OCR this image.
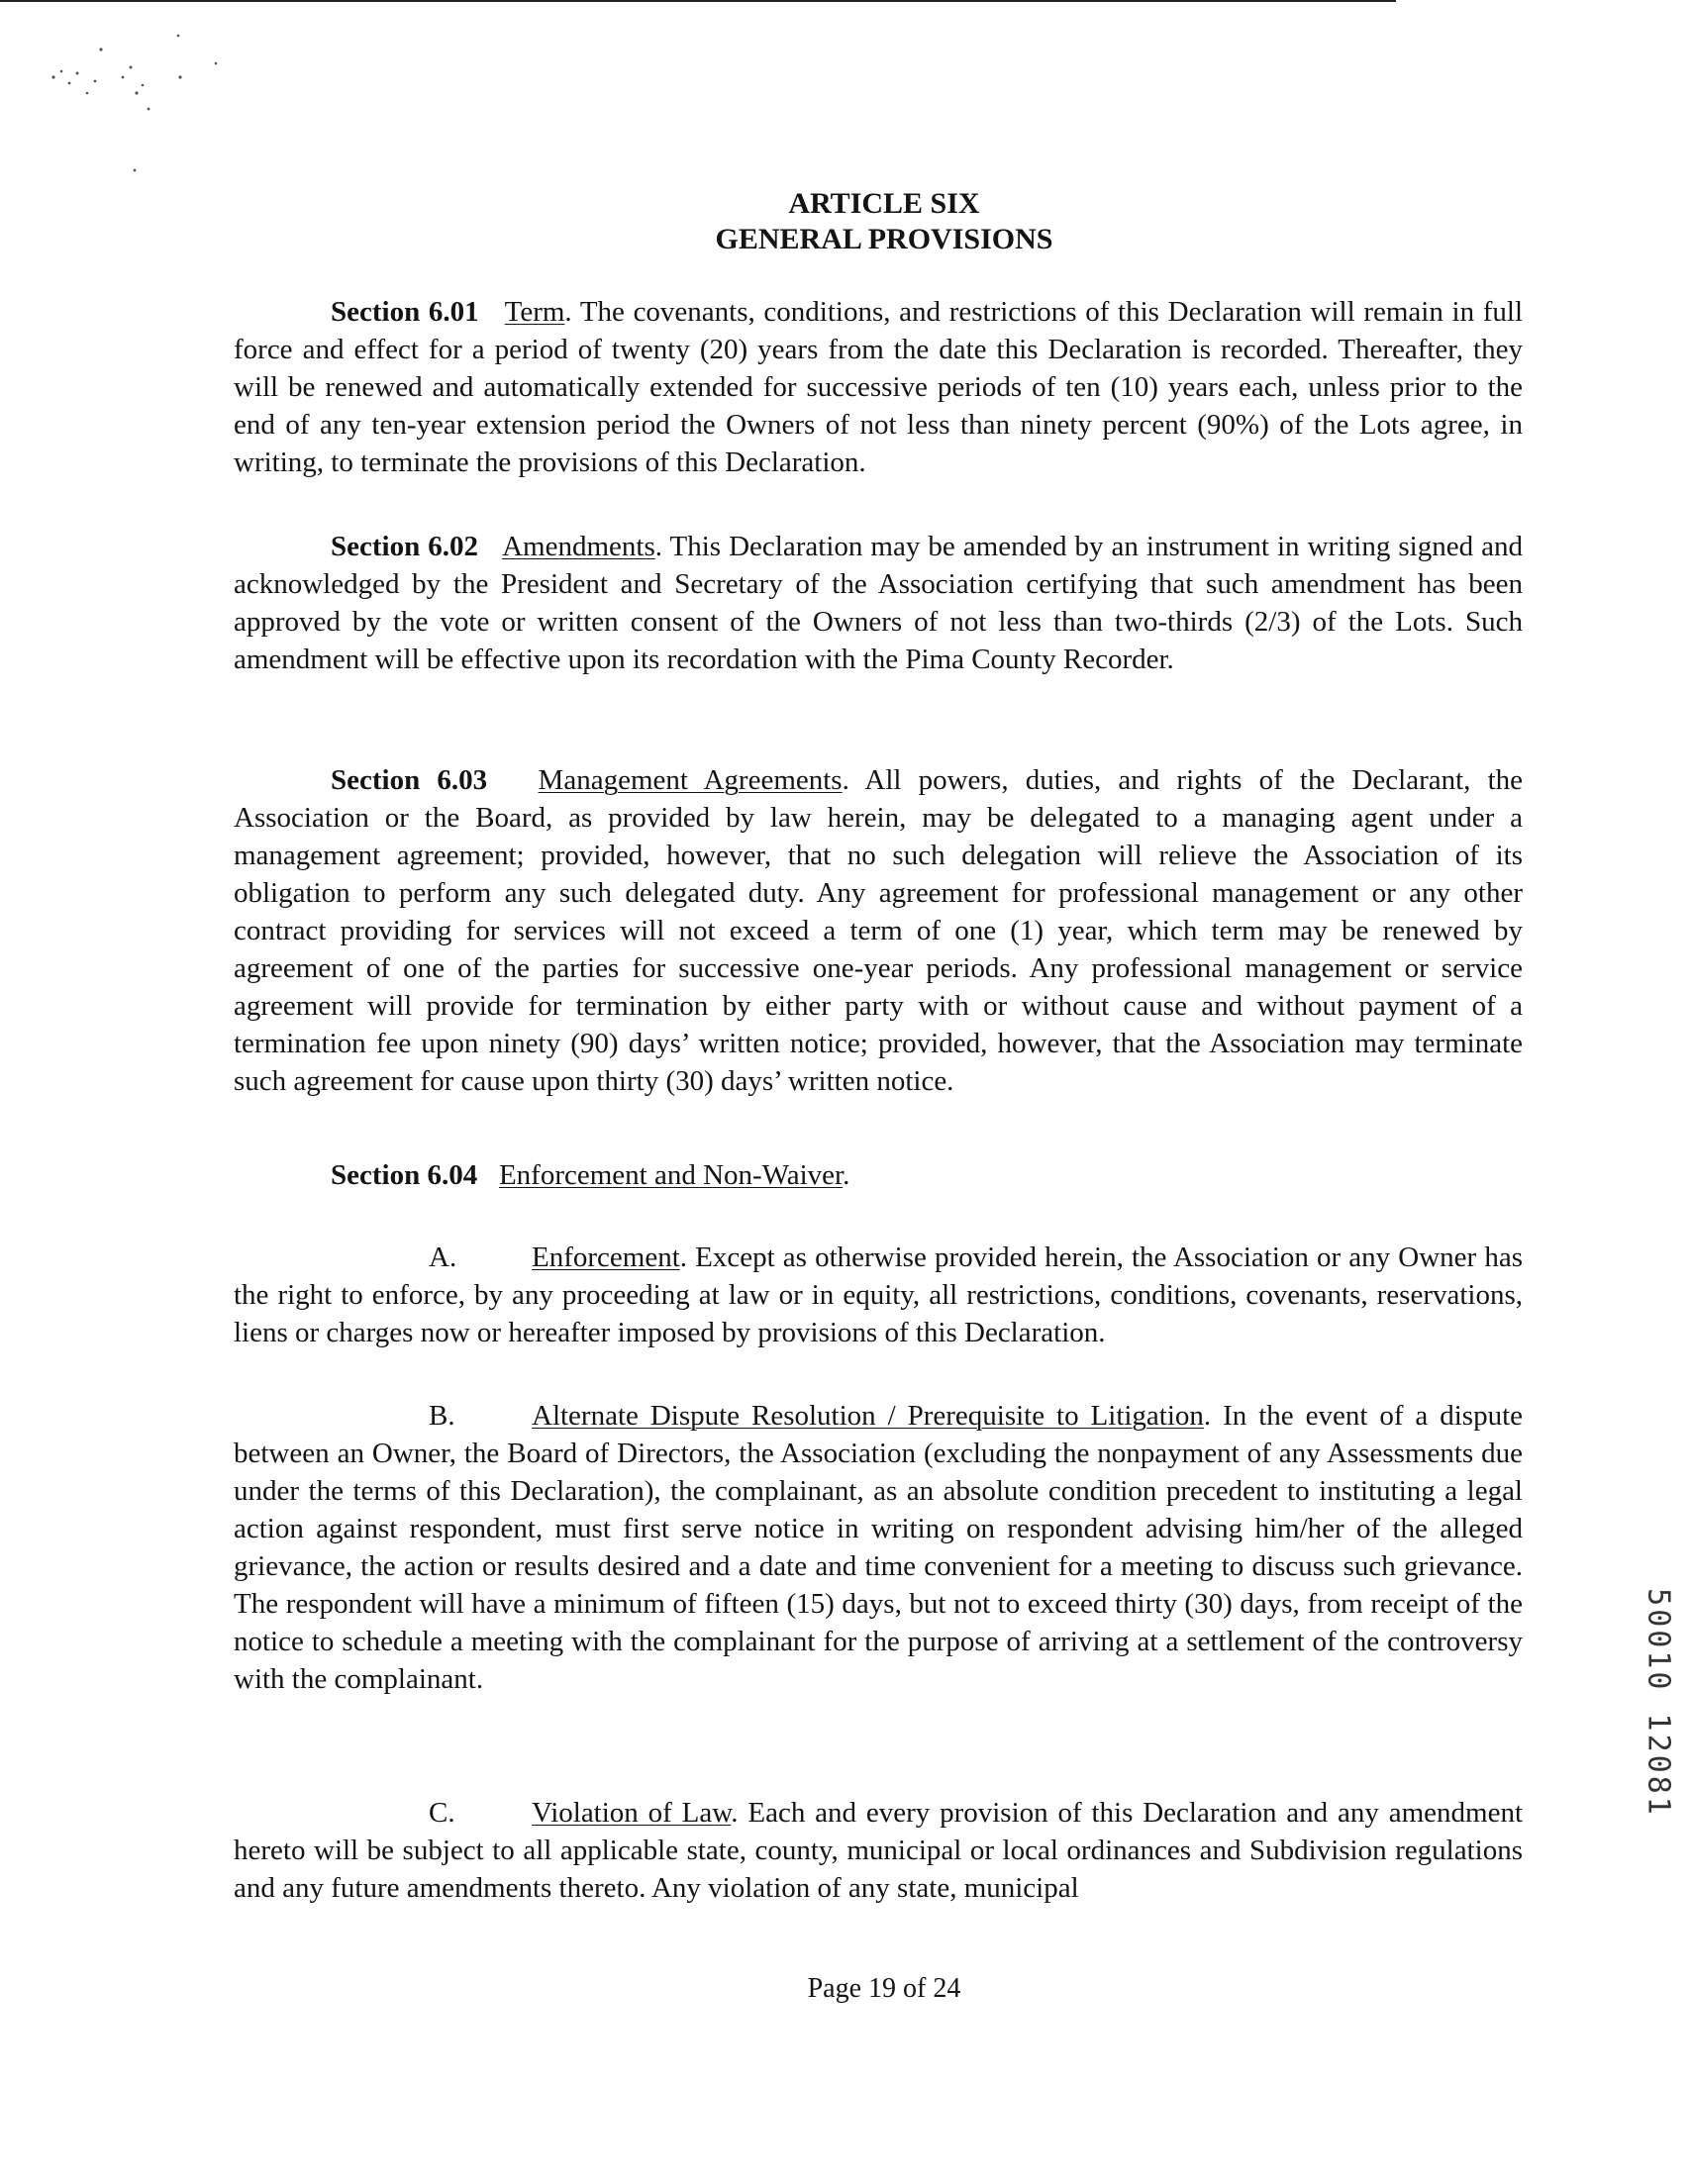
ARTICLE SIX
GENERAL PROVISIONS

Section 6.01 Term. The covenants, conditions, and restrictions of this Declaration will remain in full force and effect for a period of twenty (20) years from the date this Declaration is recorded. Thereafter, they will be renewed and automatically extended for successive periods of ten (10) years each, unless prior to the end of any ten-year extension period the Owners of not less than ninety percent (90%) of the Lots agree, in writing, to terminate the provisions of this Declaration.

Section 6.02 Amendments. This Declaration may be amended by an instrument in writing signed and acknowledged by the President and Secretary of the Association certifying that such amendment has been approved by the vote or written consent of the Owners of not less than two-thirds (2/3) of the Lots. Such amendment will be effective upon its recordation with the Pima County Recorder.

Section 6.03 Management Agreements. All powers, duties, and rights of the Declarant, the Association or the Board, as provided by law herein, may be delegated to a managing agent under a management agreement; provided, however, that no such delegation will relieve the Association of its obligation to perform any such delegated duty. Any agreement for professional management or any other contract providing for services will not exceed a term of one (1) year, which term may be renewed by agreement of one of the parties for successive one-year periods. Any professional management or service agreement will provide for termination by either party with or without cause and without payment of a termination fee upon ninety (90) days’ written notice; provided, however, that the Association may terminate such agreement for cause upon thirty (30) days’ written notice.

Section 6.04 Enforcement and Non-Waiver.

A.	Enforcement. Except as otherwise provided herein, the Association or any Owner has the right to enforce, by any proceeding at law or in equity, all restrictions, conditions, covenants, reservations, liens or charges now or hereafter imposed by provisions of this Declaration.

B.	Alternate Dispute Resolution / Prerequisite to Litigation. In the event of a dispute between an Owner, the Board of Directors, the Association (excluding the nonpayment of any Assessments due under the terms of this Declaration), the complainant, as an absolute condition precedent to instituting a legal action against respondent, must first serve notice in writing on respondent advising him/her of the alleged grievance, the action or results desired and a date and time convenient for a meeting to discuss such grievance. The respondent will have a minimum of fifteen (15) days, but not to exceed thirty (30) days, from receipt of the notice to schedule a meeting with the complainant for the purpose of arriving at a settlement of the controversy with the complainant.

C.	Violation of Law. Each and every provision of this Declaration and any amendment hereto will be subject to all applicable state, county, municipal or local ordinances and Subdivision regulations and any future amendments thereto. Any violation of any state, municipal

Page 19 of 24
50010 12081
